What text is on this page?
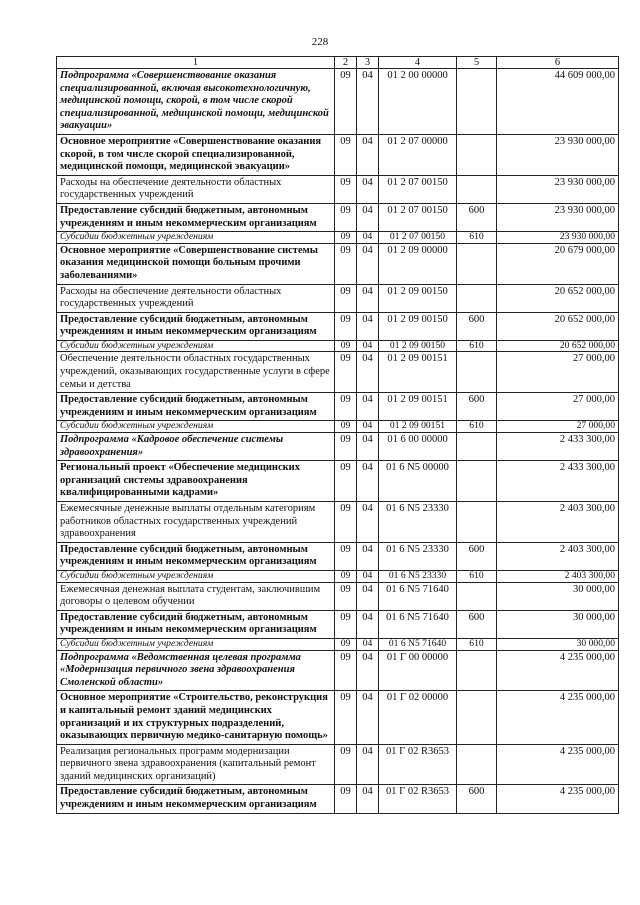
228
1	2	3	4	5	6
Подпрограмма «Совершенствование оказания специализированной, включая высокотехнологичную, медицинской помощи, скорой, в том числе скорой специализированной, медицинской помощи, медицинской эвакуации»	09	04	01 2 00 00000		44 609 000,00
Основное мероприятие «Совершенствование оказания скорой, в том числе скорой специализированной, медицинской помощи, медицинской эвакуации»	09	04	01 2 07 00000		23 930 000,00
Расходы на обеспечение деятельности областных государственных учреждений	09	04	01 2 07 00150		23 930 000,00
Предоставление субсидий бюджетным, автономным учреждениям и иным некоммерческим организациям	09	04	01 2 07 00150	600	23 930 000,00
Субсидии бюджетным учреждениям	09	04	01 2 07 00150	610	23 930 000,00
Основное мероприятие «Совершенствование системы оказания медицинской помощи больным прочими заболеваниями»	09	04	01 2 09 00000		20 679 000,00
Расходы на обеспечение деятельности областных государственных учреждений	09	04	01 2 09 00150		20 652 000,00
Предоставление субсидий бюджетным, автономным учреждениям и иным некоммерческим организациям	09	04	01 2 09 00150	600	20 652 000,00
Субсидии бюджетным учреждениям	09	04	01 2 09 00150	610	20 652 000,00
Обеспечение деятельности областных государственных учреждений, оказывающих государственные услуги в сфере семьи и детства	09	04	01 2 09 00151		27 000,00
Предоставление субсидий бюджетным, автономным учреждениям и иным некоммерческим организациям	09	04	01 2 09 00151	600	27 000,00
Субсидии бюджетным учреждениям	09	04	01 2 09 00151	610	27 000,00
Подпрограмма «Кадровое обеспечение системы здравоохранения»	09	04	01 6 00 00000		2 433 300,00
Региональный проект «Обеспечение медицинских организаций системы здравоохранения квалифицированными кадрами»	09	04	01 6 N5 00000		2 433 300,00
Ежемесячные денежные выплаты отдельным категориям работников областных государственных учреждений здравоохранения	09	04	01 6 N5 23330		2 403 300,00
Предоставление субсидий бюджетным, автономным учреждениям и иным некоммерческим организациям	09	04	01 6 N5 23330	600	2 403 300,00
Субсидии бюджетным учреждениям	09	04	01 6 N5 23330	610	2 403 300,00
Ежемесячная денежная выплата студентам, заключившим договоры о целевом обучении	09	04	01 6 N5 71640		30 000,00
Предоставление субсидий бюджетным, автономным учреждениям и иным некоммерческим организациям	09	04	01 6 N5 71640	600	30 000,00
Субсидии бюджетным учреждениям	09	04	01 6 N5 71640	610	30 000,00
Подпрограмма «Ведомственная целевая программа «Модернизация первичного звена здравоохранения Смоленской области»	09	04	01 Г 00 00000		4 235 000,00
Основное мероприятие «Строительство, реконструкция и капитальный ремонт зданий медицинских организаций и их структурных подразделений, оказывающих первичную медико-санитарную помощь»	09	04	01 Г 02 00000		4 235 000,00
Реализация региональных программ модернизации первичного звена здравоохранения (капитальный ремонт зданий медицинских организаций)	09	04	01 Г 02 R3653		4 235 000,00
Предоставление субсидий бюджетным, автономным учреждениям и иным некоммерческим организациям	09	04	01 Г 02 R3653	600	4 235 000,00
